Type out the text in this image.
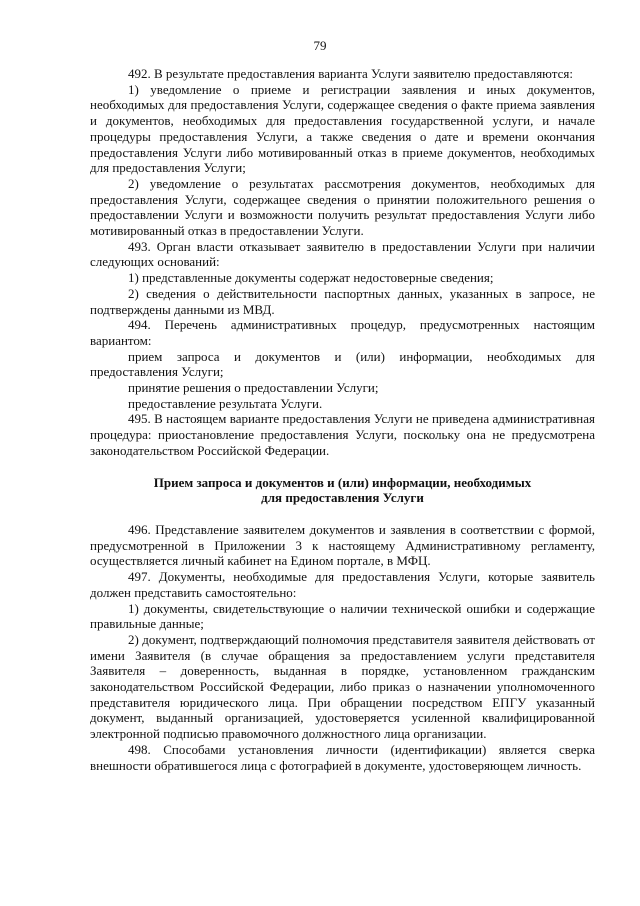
79

492. В результате предоставления варианта Услуги заявителю предоставляются:

1) уведомление о приеме и регистрации заявления и иных документов, необходимых для предоставления Услуги, содержащее сведения о факте приема заявления и документов, необходимых для предоставления государственной услуги, и начале процедуры предоставления Услуги, а также сведения о дате и времени окончания предоставления Услуги либо мотивированный отказ в приеме документов, необходимых для предоставления Услуги;

2) уведомление о результатах рассмотрения документов, необходимых для предоставления Услуги, содержащее сведения о принятии положительного решения о предоставлении Услуги и возможности получить результат предоставления Услуги либо мотивированный отказ в предоставлении Услуги.

493. Орган власти отказывает заявителю в предоставлении Услуги при наличии следующих оснований:

1) представленные документы содержат недостоверные сведения;

2) сведения о действительности паспортных данных, указанных в запросе, не подтверждены данными из МВД.

494. Перечень административных процедур, предусмотренных настоящим вариантом:

прием запроса и документов и (или) информации, необходимых для предоставления Услуги;

принятие решения о предоставлении Услуги;

предоставление результата Услуги.

495. В настоящем варианте предоставления Услуги не приведена административная процедура: приостановление предоставления Услуги, поскольку она не предусмотрена законодательством Российской Федерации.

Прием запроса и документов и (или) информации, необходимых
для предоставления Услуги

496. Представление заявителем документов и заявления в соответствии с формой, предусмотренной в Приложении 3 к настоящему Административному регламенту, осуществляется личный кабинет на Едином портале, в МФЦ.

497. Документы, необходимые для предоставления Услуги, которые заявитель должен представить самостоятельно:

1) документы, свидетельствующие о наличии технической ошибки и содержащие правильные данные;

2) документ, подтверждающий полномочия представителя заявителя действовать от имени Заявителя (в случае обращения за предоставлением услуги представителя Заявителя – доверенность, выданная в порядке, установленном гражданским законодательством Российской Федерации, либо приказ о назначении уполномоченного представителя юридического лица. При обращении посредством ЕПГУ указанный документ, выданный организацией, удостоверяется усиленной квалифицированной электронной подписью правомочного должностного лица организации.

498. Способами установления личности (идентификации) является сверка внешности обратившегося лица с фотографией в документе, удостоверяющем личность.
